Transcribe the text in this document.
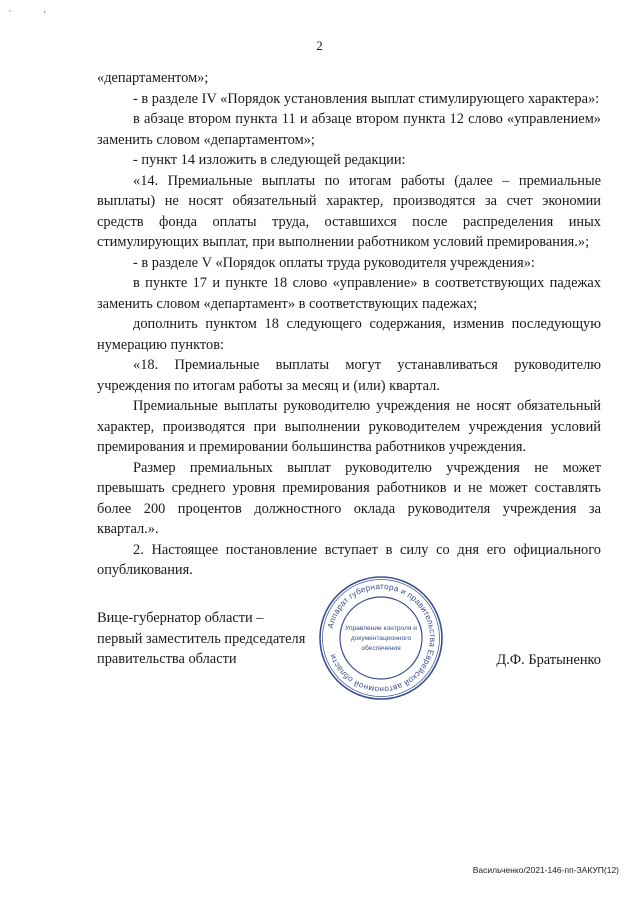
`	'
2

«департаментом»;

- в разделе IV «Порядок установления выплат стимулирующего характера»:

в абзаце втором пункта 11 и абзаце втором пункта 12 слово «управлением» заменить словом «департаментом»;

- пункт 14 изложить в следующей редакции:

«14. Премиальные выплаты по итогам работы (далее – премиальные выплаты) не носят обязательный характер, производятся за счет экономии средств фонда оплаты труда, оставшихся после распределения иных стимулирующих выплат, при выполнении работником условий премирования.»;

- в разделе V «Порядок оплаты труда руководителя учреждения»:

в пункте 17 и пункте 18 слово «управление» в соответствующих падежах заменить словом «департамент» в соответствующих падежах;

дополнить пунктом 18 следующего содержания, изменив последующую нумерацию пунктов:

«18. Премиальные выплаты могут устанавливаться руководителю учреждения по итогам работы за месяц и (или) квартал.

Премиальные выплаты руководителю учреждения не носят обязательный характер, производятся при выполнении руководителем учреждения условий премирования и премировании большинства работников учреждения.

Размер премиальных выплат руководителю учреждения не может превышать среднего уровня премирования работников и не может составлять более 200 процентов должностного оклада руководителя учреждения за квартал.».

2. Настоящее постановление вступает в силу со дня его официального опубликования.

Вице-губернатор области –
первый заместитель председателя
правительства области
Аппарат губернатора и правительства Еврейской автономной области
Управление контроля и
документационного
обеспечения
Д.Ф. Братыненко
Васильченко/2021-146-пп-ЗАКУП(12)
